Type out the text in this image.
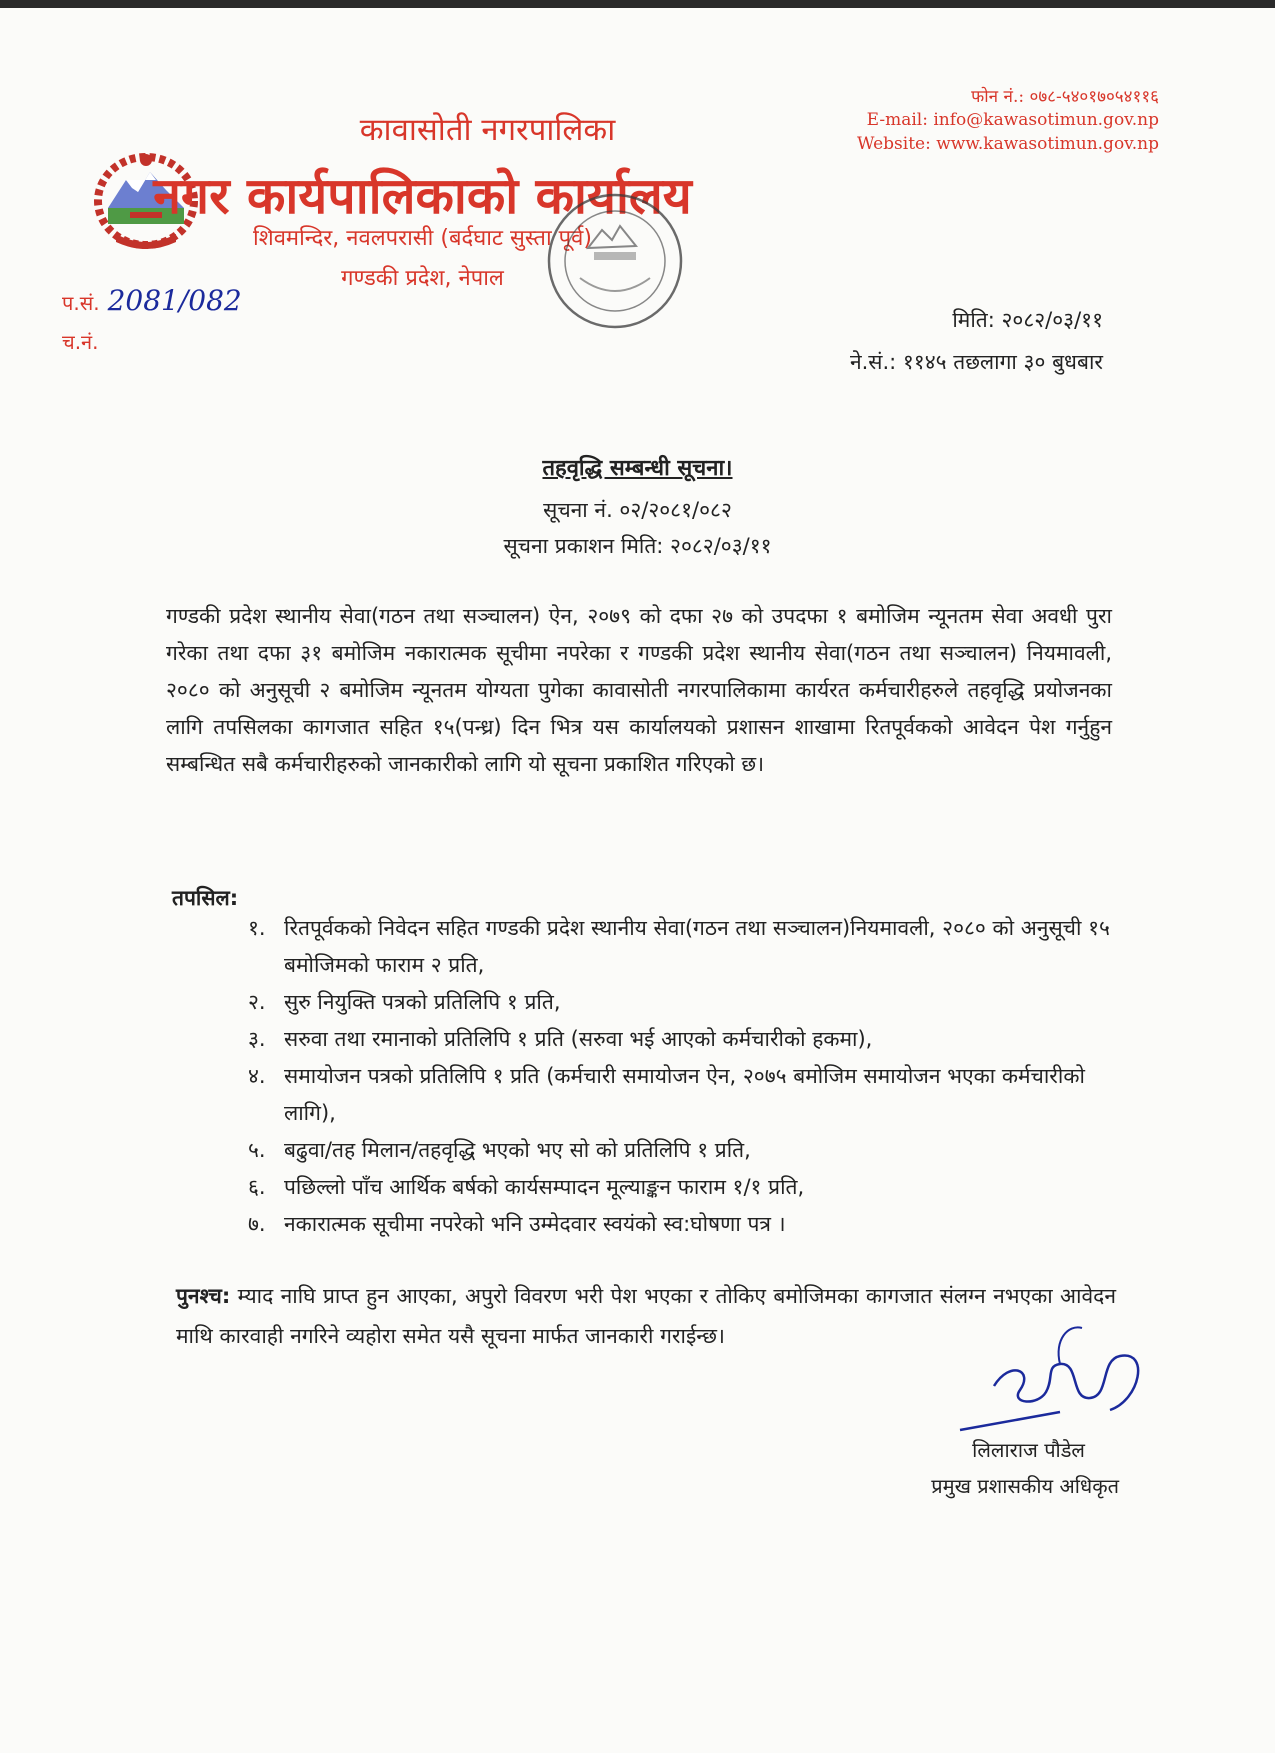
कावासोती नगरपालिका
नगर कार्यपालिकाको कार्यालय
शिवमन्दिर, नवलपरासी (बर्दघाट सुस्ता पूर्व)
गण्डकी प्रदेश, नेपाल
फोन नं.: ०७८-५४०१७०५४११६
E-mail: info@kawasotimun.gov.np
Website: www.kawasotimun.gov.np
प.सं. 2081/082
च.नं.
मिति: २०८२/०३/११
ने.सं.: ११४५ तछलागा ३० बुधबार
तहवृद्धि सम्बन्धी सूचना।
सूचना नं. ०२/२०८१/०८२
सूचना प्रकाशन मिति: २०८२/०३/११
गण्डकी प्रदेश स्थानीय सेवा(गठन तथा सञ्चालन) ऐन, २०७९ को दफा २७ को उपदफा १ बमोजिम न्यूनतम सेवा अवधी पुरा गरेका तथा दफा ३१ बमोजिम नकारात्मक सूचीमा नपरेका र गण्डकी प्रदेश स्थानीय सेवा(गठन तथा सञ्चालन) नियमावली, २०८० को अनुसूची २ बमोजिम न्यूनतम योग्यता पुगेका कावासोती नगरपालिकामा कार्यरत कर्मचारीहरुले तहवृद्धि प्रयोजनका लागि तपसिलका कागजात सहित १५(पन्ध्र) दिन भित्र यस कार्यालयको प्रशासन शाखामा रितपूर्वकको आवेदन पेश गर्नुहुन सम्बन्धित सबै कर्मचारीहरुको जानकारीको लागि यो सूचना प्रकाशित गरिएको छ।
तपसिल:
१. रितपूर्वकको निवेदन सहित गण्डकी प्रदेश स्थानीय सेवा(गठन तथा सञ्चालन)नियमावली, २०८० को अनुसूची १५ बमोजिमको फाराम २ प्रति,
२. सुरु नियुक्ति पत्रको प्रतिलिपि १ प्रति,
३. सरुवा तथा रमानाको प्रतिलिपि १ प्रति (सरुवा भई आएको कर्मचारीको हकमा),
४. समायोजन पत्रको प्रतिलिपि १ प्रति (कर्मचारी समायोजन ऐन, २०७५ बमोजिम समायोजन भएका कर्मचारीको लागि),
५. बढुवा/तह मिलान/तहवृद्धि भएको भए सो को प्रतिलिपि १ प्रति,
६. पछिल्लो पाँच आर्थिक बर्षको कार्यसम्पादन मूल्याङ्कन फाराम १/१ प्रति,
७. नकारात्मक सूचीमा नपरेको भनि उम्मेदवार स्वयंको स्व:घोषणा पत्र ।
पुनश्च: म्याद नाघि प्राप्त हुन आएका, अपुरो विवरण भरी पेश भएका र तोकिए बमोजिमका कागजात संलग्न नभएका आवेदन माथि कारवाही नगरिने व्यहोरा समेत यसै सूचना मार्फत जानकारी गराईन्छ।
लिलाराज पौडेल
प्रमुख प्रशासकीय अधिकृत
